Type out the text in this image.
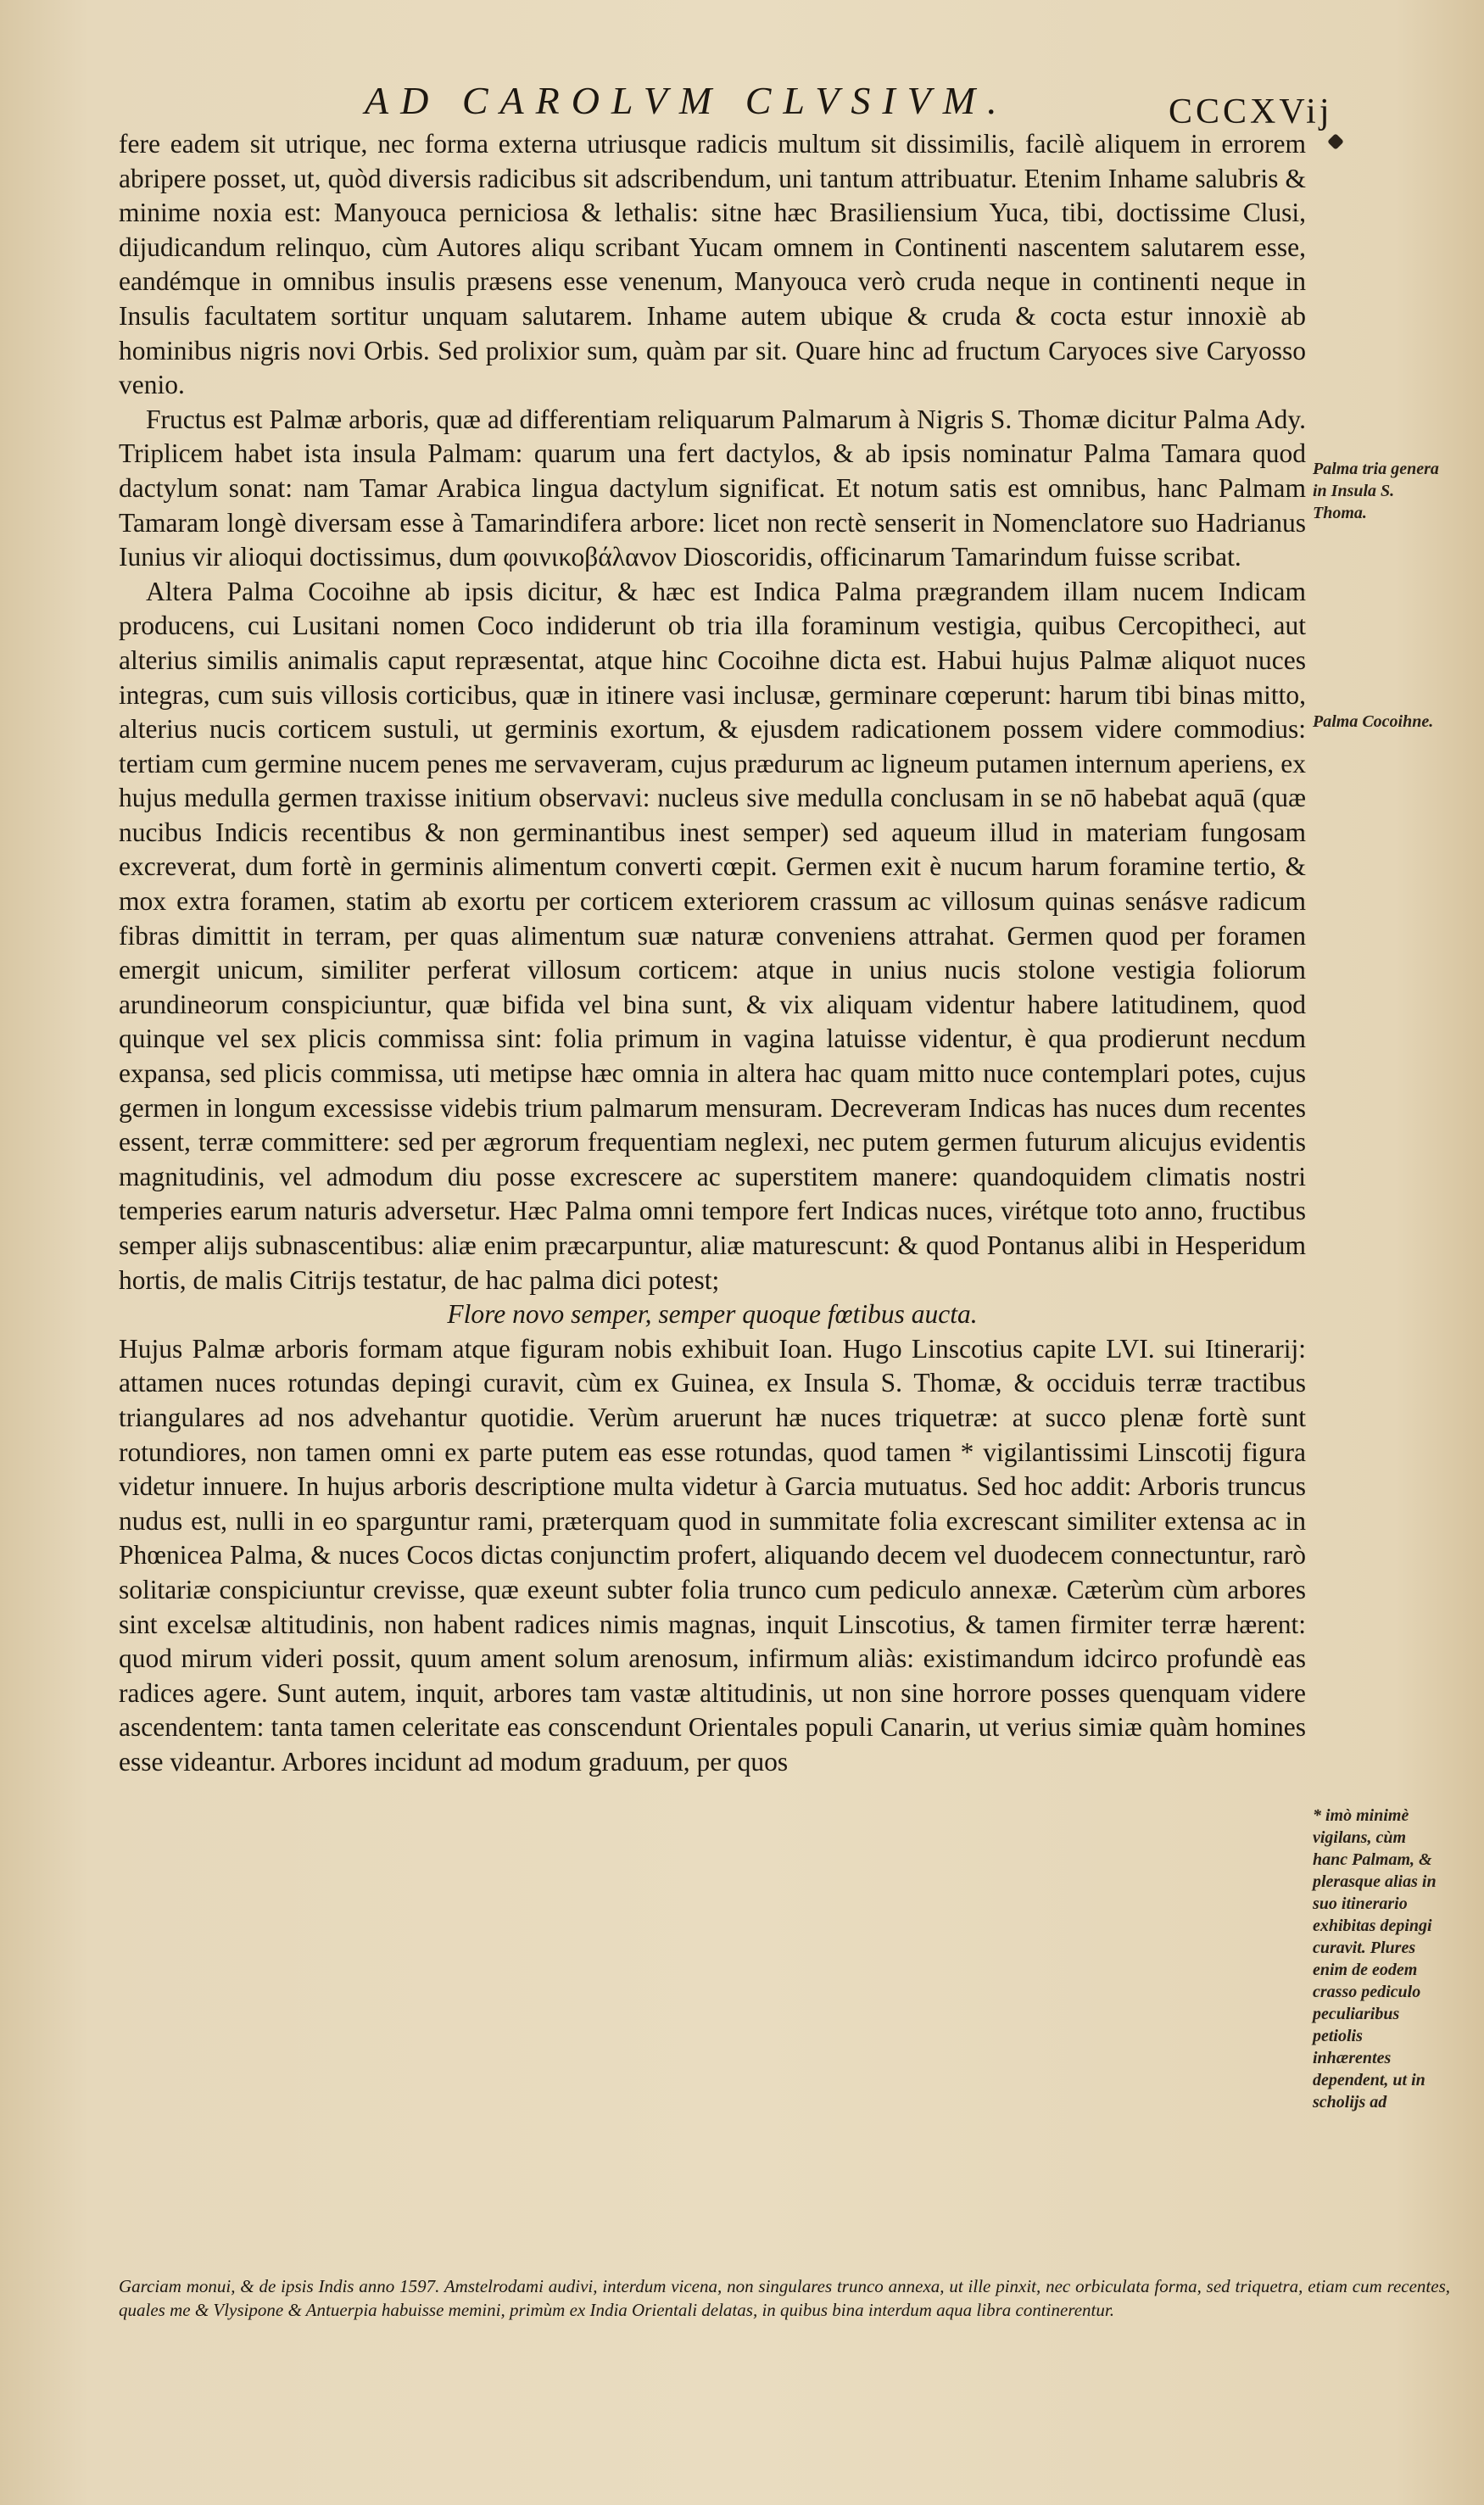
AD CAROLVM CLVSIVM.	CCCXVij

fere eadem sit utrique, nec forma externa utriusque radicis multum sit dissimilis, facilè aliquem in errorem abripere posset, ut, quòd diversis radicibus sit adscribendum, uni tantum attribuatur. Etenim Inhame salubris & minime noxia est: Manyouca perniciosa & lethalis: sitne hæc Brasiliensium Yuca, tibi, doctissime Clusi, dijudicandum relinquo, cùm Autores aliqu scribant Yucam omnem in Continenti nascentem salutarem esse, eandémque in omnibus insulis præsens esse venenum, Manyouca verò cruda neque in continenti neque in Insulis facultatem sortitur unquam salutarem. Inhame autem ubique & cruda & cocta estur innoxiè ab hominibus nigris novi Orbis. Sed prolixior sum, quàm par sit. Quare hinc ad fructum Caryoces sive Caryosso venio.

Fructus est Palmæ arboris, quæ ad differentiam reliquarum Palmarum à Nigris S. Thomæ dicitur Palma Ady. Triplicem habet ista insula Palmam: quarum una fert dactylos, & ab ipsis nominatur Palma Tamara quod dactylum sonat: nam Tamar Arabica lingua dactylum significat. Et notum satis est omnibus, hanc Palmam Tamaram longè diversam esse à Tamarindifera arbore: licet non rectè senserit in Nomenclatore suo Hadrianus Iunius vir alioqui doctissimus, dum φοινικοβάλανον Dioscoridis, officinarum Tamarindum fuisse scribat.

Altera Palma Cocoihne ab ipsis dicitur, & hæc est Indica Palma prægrandem illam nucem Indicam producens, cui Lusitani nomen Coco indiderunt ob tria illa foraminum vestigia, quibus Cercopitheci, aut alterius similis animalis caput repræsentat, atque hinc Cocoihne dicta est. Habui hujus Palmæ aliquot nuces integras, cum suis villosis corticibus, quæ in itinere vasi inclusæ, germinare cœperunt: harum tibi binas mitto, alterius nucis corticem sustuli, ut germinis exortum, & ejusdem radicationem possem videre commodius: tertiam cum germine nucem penes me servaveram, cujus prædurum ac ligneum putamen internum aperiens, ex hujus medulla germen traxisse initium observavi: nucleus sive medulla conclusam in se nō habebat aquā (quæ nucibus Indicis recentibus & non germinantibus inest semper) sed aqueum illud in materiam fungosam excreverat, dum fortè in germinis alimentum converti cœpit. Germen exit è nucum harum foramine tertio, & mox extra foramen, statim ab exortu per corticem exteriorem crassum ac villosum quinas senásve radicum fibras dimittit in terram, per quas alimentum suæ naturæ conveniens attrahat. Germen quod per foramen emergit unicum, similiter perferat villosum corticem: atque in unius nucis stolone vestigia foliorum arundineorum conspiciuntur, quæ bifida vel bina sunt, & vix aliquam videntur habere latitudinem, quod quinque vel sex plicis commissa sint: folia primum in vagina latuisse videntur, è qua prodierunt necdum expansa, sed plicis commissa, uti metipse hæc omnia in altera hac quam mitto nuce contemplari potes, cujus germen in longum excessisse videbis trium palmarum mensuram. Decreveram Indicas has nuces dum recentes essent, terræ committere: sed per ægrorum frequentiam neglexi, nec putem germen futurum alicujus evidentis magnitudinis, vel admodum diu posse excrescere ac superstitem manere: quandoquidem climatis nostri temperies earum naturis adversetur. Hæc Palma omni tempore fert Indicas nuces, virétque toto anno, fructibus semper alijs subnascentibus: aliæ enim præcarpuntur, aliæ maturescunt: & quod Pontanus alibi in Hesperidum hortis, de malis Citrijs testatur, de hac palma dici potest;

Flore novo semper, semper quoque fœtibus aucta.

Hujus Palmæ arboris formam atque figuram nobis exhibuit Ioan. Hugo Linscotius capite LVI. sui Itinerarij: attamen nuces rotundas depingi curavit, cùm ex Guinea, ex Insula S. Thomæ, & occiduis terræ tractibus triangulares ad nos advehantur quotidie. Verùm aruerunt hæ nuces triquetræ: at succo plenæ fortè sunt rotundiores, non tamen omni ex parte putem eas esse rotundas, quod tamen * vigilantissimi Linscotij figura videtur innuere. In hujus arboris descriptione multa videtur à Garcia mutuatus. Sed hoc addit: Arboris truncus nudus est, nulli in eo sparguntur rami, præterquam quod in summitate folia excrescant similiter extensa ac in Phœnicea Palma, & nuces Cocos dictas conjunctim profert, aliquando decem vel duodecem connectuntur, rarò solitariæ conspiciuntur crevisse, quæ exeunt subter folia trunco cum pediculo annexæ. Cæterùm cùm arbores sint excelsæ altitudinis, non habent radices nimis magnas, inquit Linscotius, & tamen firmiter terræ hærent: quod mirum videri possit, quum ament solum arenosum, infirmum aliàs: existimandum idcirco profundè eas radices agere. Sunt autem, inquit, arbores tam vastæ altitudinis, ut non sine horrore posses quenquam videre ascendentem: tanta tamen celeritate eas conscendunt Orientales populi Canarin, ut verius simiæ quàm homines esse videantur. Arbores incidunt ad modum graduum, per quos

Palma tria genera in Insula S. Thoma.
Palma Cocoihne.
* imò minimè vigilans, cùm hanc Palmam, & plerasque alias in suo itinerario exhibitas depingi curavit. Plures enim de eodem crasso pediculo peculiaribus petiolis inhærentes dependent, ut in scholijs ad
Garciam monui, & de ipsis Indis anno 1597. Amstelrodami audivi, interdum vicena, non singulares trunco annexa, ut ille pinxit, nec orbiculata forma, sed triquetra, etiam cum recentes, quales me & Vlysipone & Antuerpia habuisse memini, primùm ex India Orientali delatas, in quibus bina interdum aqua libra continerentur.
